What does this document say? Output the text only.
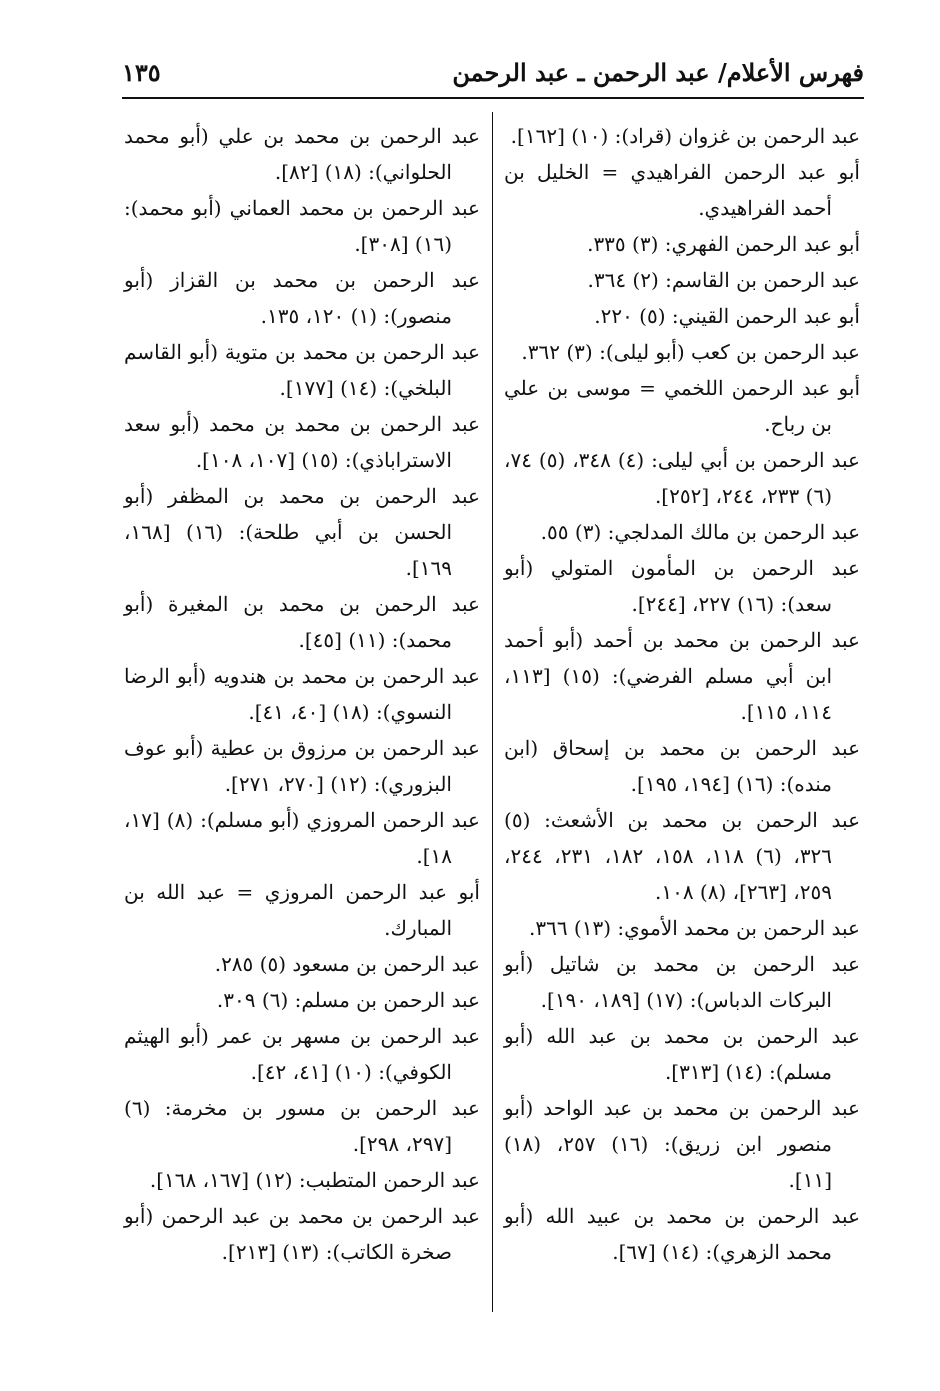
فهرس الأعلام/ عبد الرحمن ـ عبد الرحمن
١٣٥

عبد الرحمن بن غزوان (قراد): (١٠) [١٦٢].

أبو عبد الرحمن الفراهيدي = الخليل بن أحمد الفراهيدي.

أبو عبد الرحمن الفهري: (٣) ٣٣٥.

عبد الرحمن بن القاسم: (٢) ٣٦٤.

أبو عبد الرحمن القيني: (٥) ٢٢٠.

عبد الرحمن بن كعب (أبو ليلى): (٣) ٣٦٢.

أبو عبد الرحمن اللخمي = موسى بن علي بن رباح.

عبد الرحمن بن أبي ليلى: (٤) ٣٤٨، (٥) ٧٤، (٦) ٢٣٣، ٢٤٤، [٢٥٢].

عبد الرحمن بن مالك المدلجي: (٣) ٥٥.

عبد الرحمن بن المأمون المتولي (أبو سعد): (١٦) ٢٢٧، [٢٤٤].

عبد الرحمن بن محمد بن أحمد (أبو أحمد ابن أبي مسلم الفرضي): (١٥) [١١٣، ١١٤، ١١٥].

عبد الرحمن بن محمد بن إسحاق (ابن منده): (١٦) [١٩٤، ١٩٥].

عبد الرحمن بن محمد بن الأشعث: (٥) ٣٢٦، (٦) ١١٨، ١٥٨، ١٨٢، ٢٣١، ٢٤٤، ٢٥٩، [٢٦٣]، (٨) ١٠٨.

عبد الرحمن بن محمد الأموي: (١٣) ٣٦٦.

عبد الرحمن بن محمد بن شاتيل (أبو البركات الدباس): (١٧) [١٨٩، ١٩٠].

عبد الرحمن بن محمد بن عبد الله (أبو مسلم): (١٤) [٣١٣].

عبد الرحمن بن محمد بن عبد الواحد (أبو منصور ابن زريق): (١٦) ٢٥٧، (١٨) [١١].

عبد الرحمن بن محمد بن عبيد الله (أبو محمد الزهري): (١٤) [٦٧].

عبد الرحمن بن محمد بن علي (أبو محمد الحلواني): (١٨) [٨٢].

عبد الرحمن بن محمد العماني (أبو محمد): (١٦) [٣٠٨].

عبد الرحمن بن محمد بن القزاز (أبو منصور): (١) ١٢٠، ١٣٥.

عبد الرحمن بن محمد بن متوية (أبو القاسم البلخي): (١٤) [١٧٧].

عبد الرحمن بن محمد بن محمد (أبو سعد الاستراباذي): (١٥) [١٠٧، ١٠٨].

عبد الرحمن بن محمد بن المظفر (أبو الحسن بن أبي طلحة): (١٦) [١٦٨، ١٦٩].

عبد الرحمن بن محمد بن المغيرة (أبو محمد): (١١) [٤٥].

عبد الرحمن بن محمد بن هندويه (أبو الرضا النسوي): (١٨) [٤٠، ٤١].

عبد الرحمن بن مرزوق بن عطية (أبو عوف البزوري): (١٢) [٢٧٠، ٢٧١].

عبد الرحمن المروزي (أبو مسلم): (٨) [١٧، ١٨].

أبو عبد الرحمن المروزي = عبد الله بن المبارك.

عبد الرحمن بن مسعود (٥) ٢٨٥.

عبد الرحمن بن مسلم: (٦) ٣٠٩.

عبد الرحمن بن مسهر بن عمر (أبو الهيثم الكوفي): (١٠) [٤١، ٤٢].

عبد الرحمن بن مسور بن مخرمة: (٦) [٢٩٧، ٢٩٨].

عبد الرحمن المتطبب: (١٢) [١٦٧، ١٦٨].

عبد الرحمن بن محمد بن عبد الرحمن (أبو صخرة الكاتب): (١٣) [٢١٣].
